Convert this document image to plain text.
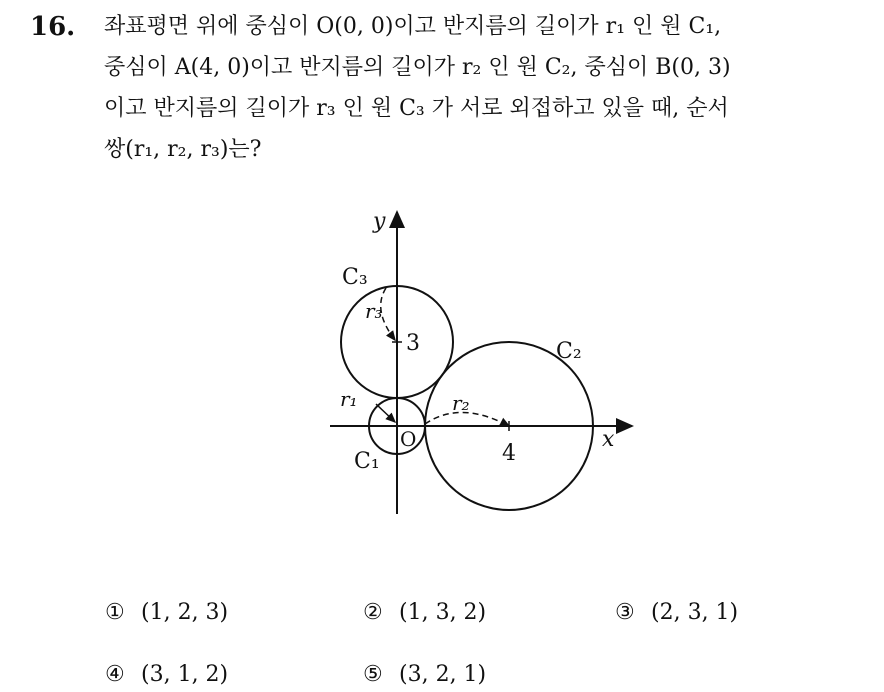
16. 좌표평면 위에 중심이 O(0, 0)이고 반지름의 길이가 r₁ 인 원 C₁,
중심이 A(4, 0)이고 반지름의 길이가 r₂ 인 원 C₂, 중심이 B(0, 3)
이고 반지름의 길이가 r₃ 인 원 C₃ 가 서로 외접하고 있을 때, 순서
쌍(r₁, r₂, r₃)는?
y
x
O
4
3
C₁
C₂
C₃
r₁	r₂
r₃
① (1, 2, 3)	② (1, 3, 2)	③ (2, 3, 1)
④ (3, 1, 2)	⑤ (3, 2, 1)
